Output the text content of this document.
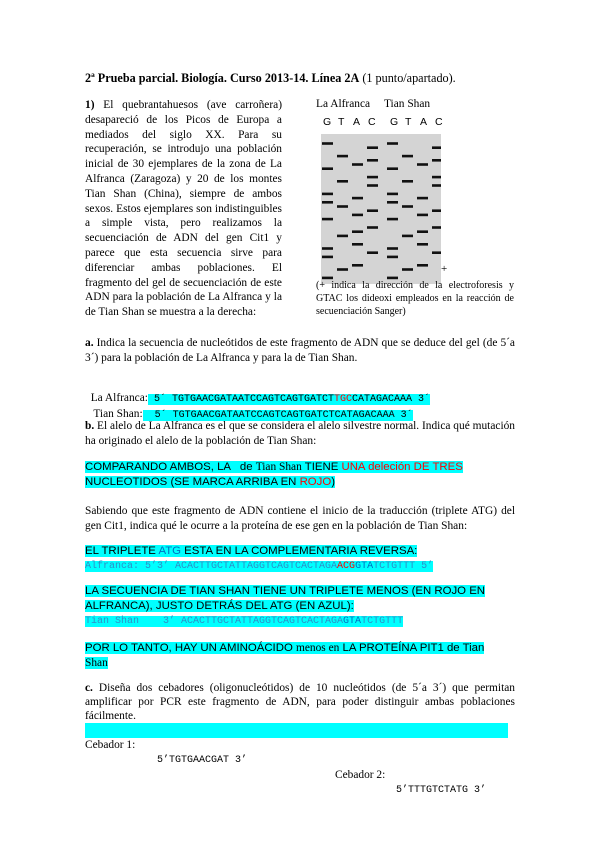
2ª Prueba parcial. Biología. Curso 2013-14. Línea 2A (1 punto/apartado).
1) El quebrantahuesos (ave carroñera) desapareció de los Picos de Europa a mediados del siglo XX. Para su recuperación, se introdujo una población inicial de 30 ejemplares de la zona de La Alfranca (Zaragoza) y 20 de los montes Tian Shan (China), siempre de ambos sexos. Estos ejemplares son indistinguibles a simple vista, pero realizamos la secuenciación de ADN del gen Cit1 y parece que esta secuencia sirve para diferenciar ambas poblaciones. El fragmento del gel de secuenciación de este ADN para la población de La Alfranca y la de Tian Shan se muestra a la derecha:
La Alfranca Tian Shan
G T A C G T A C
+
(+ indica la dirección de la electroforesis y GTAC los dideoxi empleados en la reacción de secuenciación Sanger)
a. Indica la secuencia de nucleótidos de este fragmento de ADN que se deduce del gel (de 5´a 3´) para la población de La Alfranca y para la de Tian Shan.

La Alfranca: 5´ TGTGAACGATAATCCAGTCAGTGATCTTGCCATAGACAAA 3´

Tian Shan:  5´ TGTGAACGATAATCCAGTCAGTGATCTCATAGACAAA 3´

b. El alelo de La Alfranca es el que se considera el alelo silvestre normal. Indica qué mutación ha originado el alelo de la población de Tian Shan:
COMPARANDO AMBOS, LA   de Tian Shan TIENE UNA deleción DE TRES
NUCLEOTIDOS (SE MARCA ARRIBA EN ROJO)
Sabiendo que este fragmento de ADN contiene el inicio de la traducción (triplete ATG) del gen Cit1, indica qué le ocurre a la proteína de ese gen en la población de Tian Shan:
EL TRIPLETE ATG ESTA EN LA COMPLEMENTARIA REVERSA:
Alfranca: 5’3’ ACACTTGCTATTAGGTCAGTCACTAGAACGGTATCTGTTT 5’
LA SECUENCIA DE TIAN SHAN TIENE UN TRIPLETE MENOS (EN ROJO EN
ALFRANCA), JUSTO DETRÁS DEL ATG (EN AZUL):
Tian Shan    3’ ACACTTGCTATTAGGTCAGTCACTAGAGTATCTGTTT
POR LO TANTO, HAY UN AMINOÁCIDO menos en LA PROTEÍNA PIT1 de Tian
Shan
c. Diseña dos cebadores (oligonucleótidos) de 10 nucleótidos (de 5´a 3´) que permitan amplificar por PCR este fragmento de ADN, para poder distinguir ambas poblaciones fácilmente.

Cebador 1:

5’TGTGAACGAT 3’

Cebador 2:

5’TTTGTCTATG 3’
